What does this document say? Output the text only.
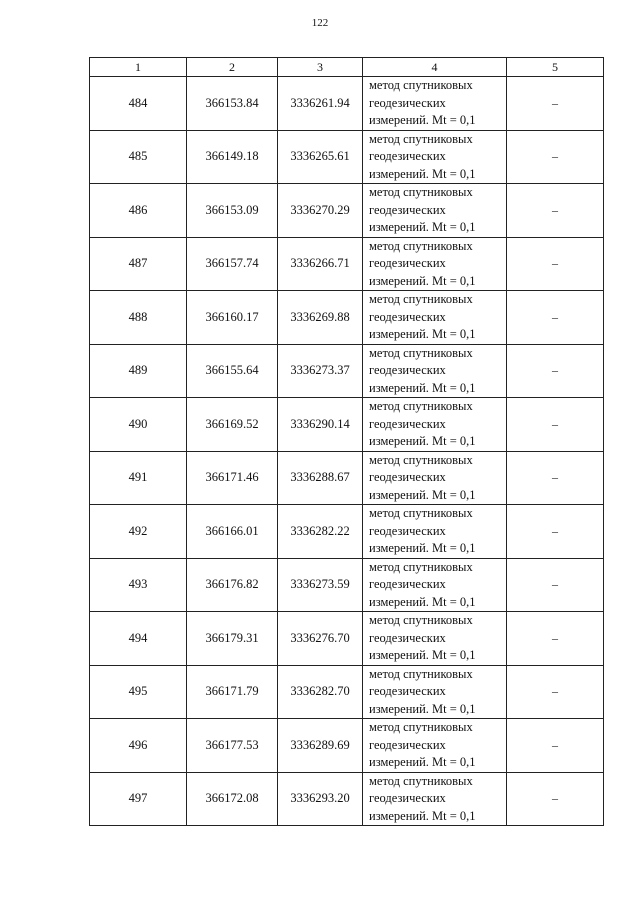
122
1	2	3	4	5
484	366153.84	3336261.94	метод спутниковых
геодезических
измерений. Mt = 0,1	–
485	366149.18	3336265.61	метод спутниковых
геодезических
измерений. Mt = 0,1	–
486	366153.09	3336270.29	метод спутниковых
геодезических
измерений. Mt = 0,1	–
487	366157.74	3336266.71	метод спутниковых
геодезических
измерений. Mt = 0,1	–
488	366160.17	3336269.88	метод спутниковых
геодезических
измерений. Mt = 0,1	–
489	366155.64	3336273.37	метод спутниковых
геодезических
измерений. Mt = 0,1	–
490	366169.52	3336290.14	метод спутниковых
геодезических
измерений. Mt = 0,1	–
491	366171.46	3336288.67	метод спутниковых
геодезических
измерений. Mt = 0,1	–
492	366166.01	3336282.22	метод спутниковых
геодезических
измерений. Mt = 0,1	–
493	366176.82	3336273.59	метод спутниковых
геодезических
измерений. Mt = 0,1	–
494	366179.31	3336276.70	метод спутниковых
геодезических
измерений. Mt = 0,1	–
495	366171.79	3336282.70	метод спутниковых
геодезических
измерений. Mt = 0,1	–
496	366177.53	3336289.69	метод спутниковых
геодезических
измерений. Mt = 0,1	–
497	366172.08	3336293.20	метод спутниковых
геодезических
измерений. Mt = 0,1	–
